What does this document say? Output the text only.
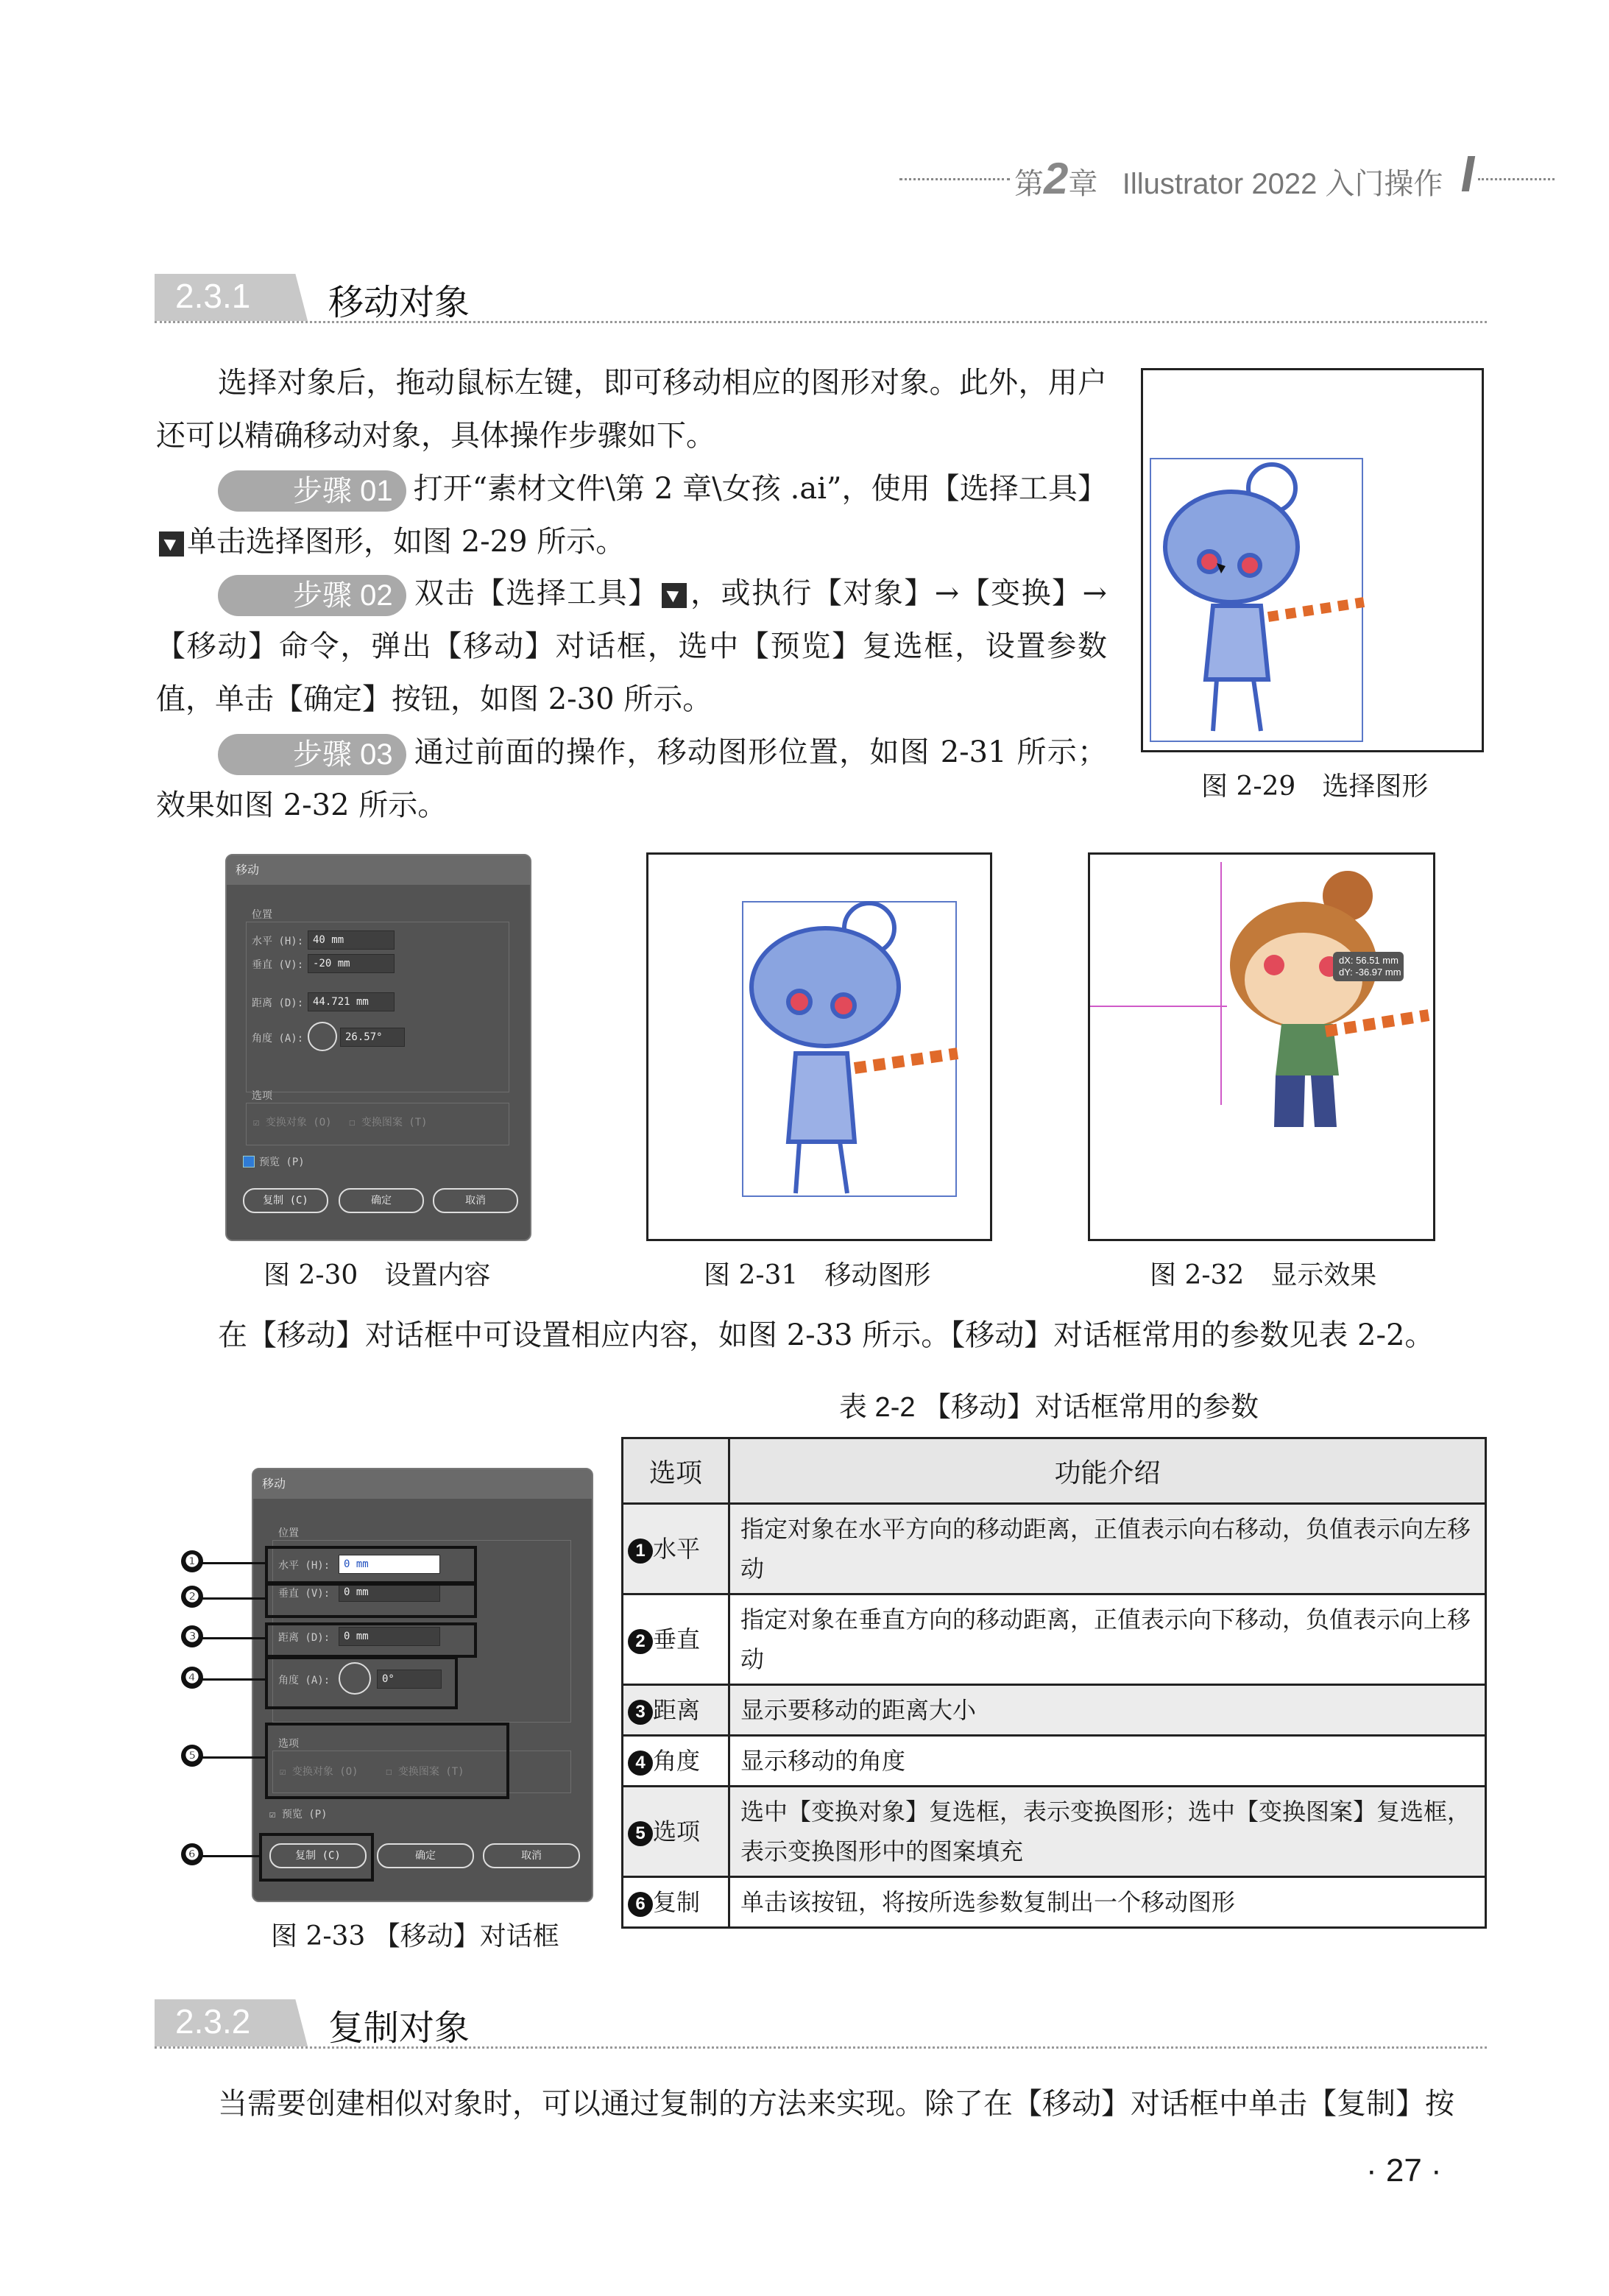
第2章 Illustrator 2022 入门操作
2.3.1 移动对象
选择对象后，拖动鼠标左键，即可移动相应的图形对象。此外，用户还可以精确移动对象，具体操作步骤如下。
步骤 01 打开“素材文件\第 2 章\女孩 .ai”，使用【选择工具】单击选择图形，如图 2-29 所示。
步骤 02 双击【选择工具】 ，或执行【对象】→【变换】→【移动】命令，弹出【移动】对话框，选中【预览】复选框，设置参数值，单击【确定】按钮，如图 2-30 所示。
步骤 03 通过前面的操作，移动图形位置，如图 2-31 所示；效果如图 2-32 所示。
图 2-29　选择图形
移动
位置
水平 (H): 40 mm
垂直 (V): -20 mm
距离 (D): 44.721 mm
角度 (A):	26.57°
选项
☑ 变换对象 (O) ☐ 变换图案 (T)
预览 (P)
复制 (C)	确定	取消
图 2-30　设置内容	图 2-31　移动图形
dX: 56.51 mm
dY: -36.97 mm
图 2-32　显示效果
在【移动】对话框中可设置相应内容，如图 2-33 所示。【移动】对话框常用的参数见表 2-2。
表 2-2 【移动】对话框常用的参数
移动
位置
水平 (H):	0 mm
垂直 (V):	0 mm
距离 (D):	0 mm
角度 (A):	0°
选项
☑ 变换对象 (O)	☐ 变换图案 (T)
☑ 预览 (P)
复制 (C)	确定	取消
❶
❷
❸
❹
❺
❻
图 2-33 【移动】对话框
选项	功能介绍
1 水平	指定对象在水平方向的移动距离，正值表示向右移动，负值表示向左移动
2 垂直	指定对象在垂直方向的移动距离，正值表示向下移动，负值表示向上移动
3 距离	显示要移动的距离大小
4 角度	显示移动的角度
5 选项	选中【变换对象】复选框，表示变换图形；选中【变换图案】复选框，表示变换图形中的图案填充
6 复制	单击该按钮，将按所选参数复制出一个移动图形
2.3.2 复制对象
当需要创建相似对象时，可以通过复制的方法来实现。除了在【移动】对话框中单击【复制】按
· 27 ·
